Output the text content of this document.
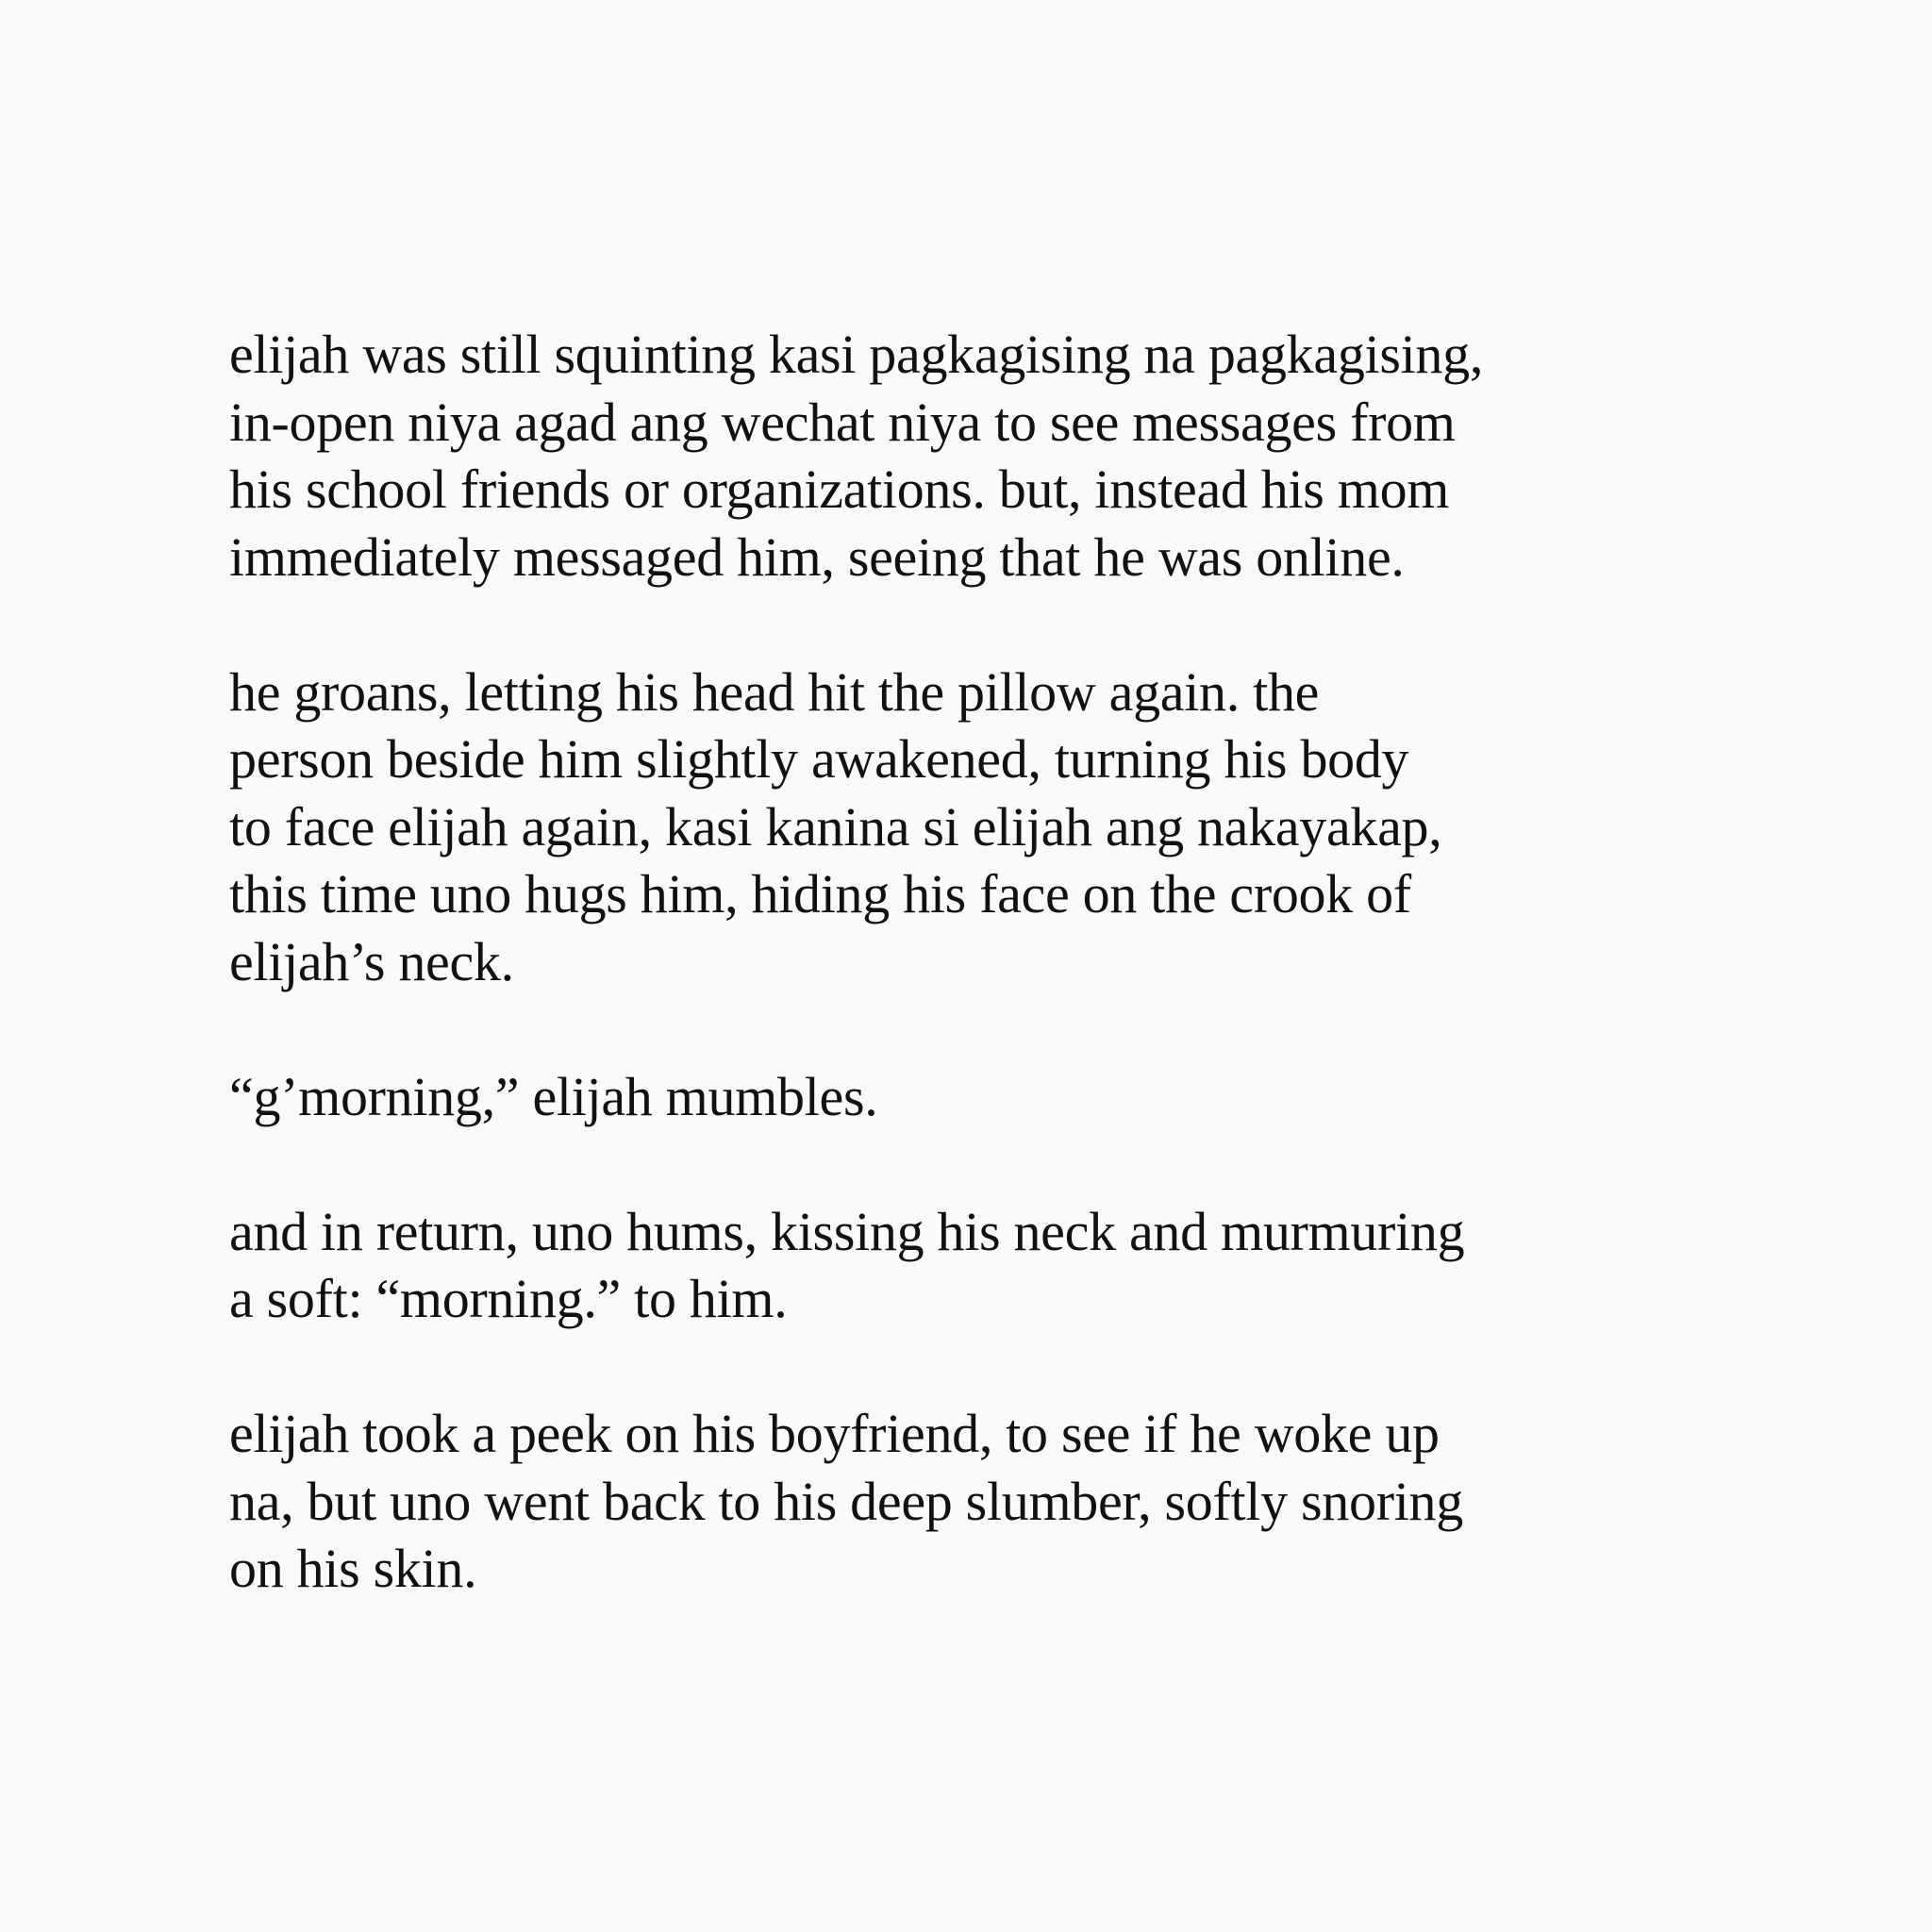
elijah was still squinting kasi pagkagising na pagkagising,
in-open niya agad ang wechat niya to see messages from
his school friends or organizations. but, instead his mom
immediately messaged him, seeing that he was online.

he groans, letting his head hit the pillow again. the
person beside him slightly awakened, turning his body
to face elijah again, kasi kanina si elijah ang nakayakap,
this time uno hugs him, hiding his face on the crook of
elijah’s neck.

“g’morning,” elijah mumbles.

and in return, uno hums, kissing his neck and murmuring
a soft: “morning.” to him.

elijah took a peek on his boyfriend, to see if he woke up
na, but uno went back to his deep slumber, softly snoring
on his skin.
